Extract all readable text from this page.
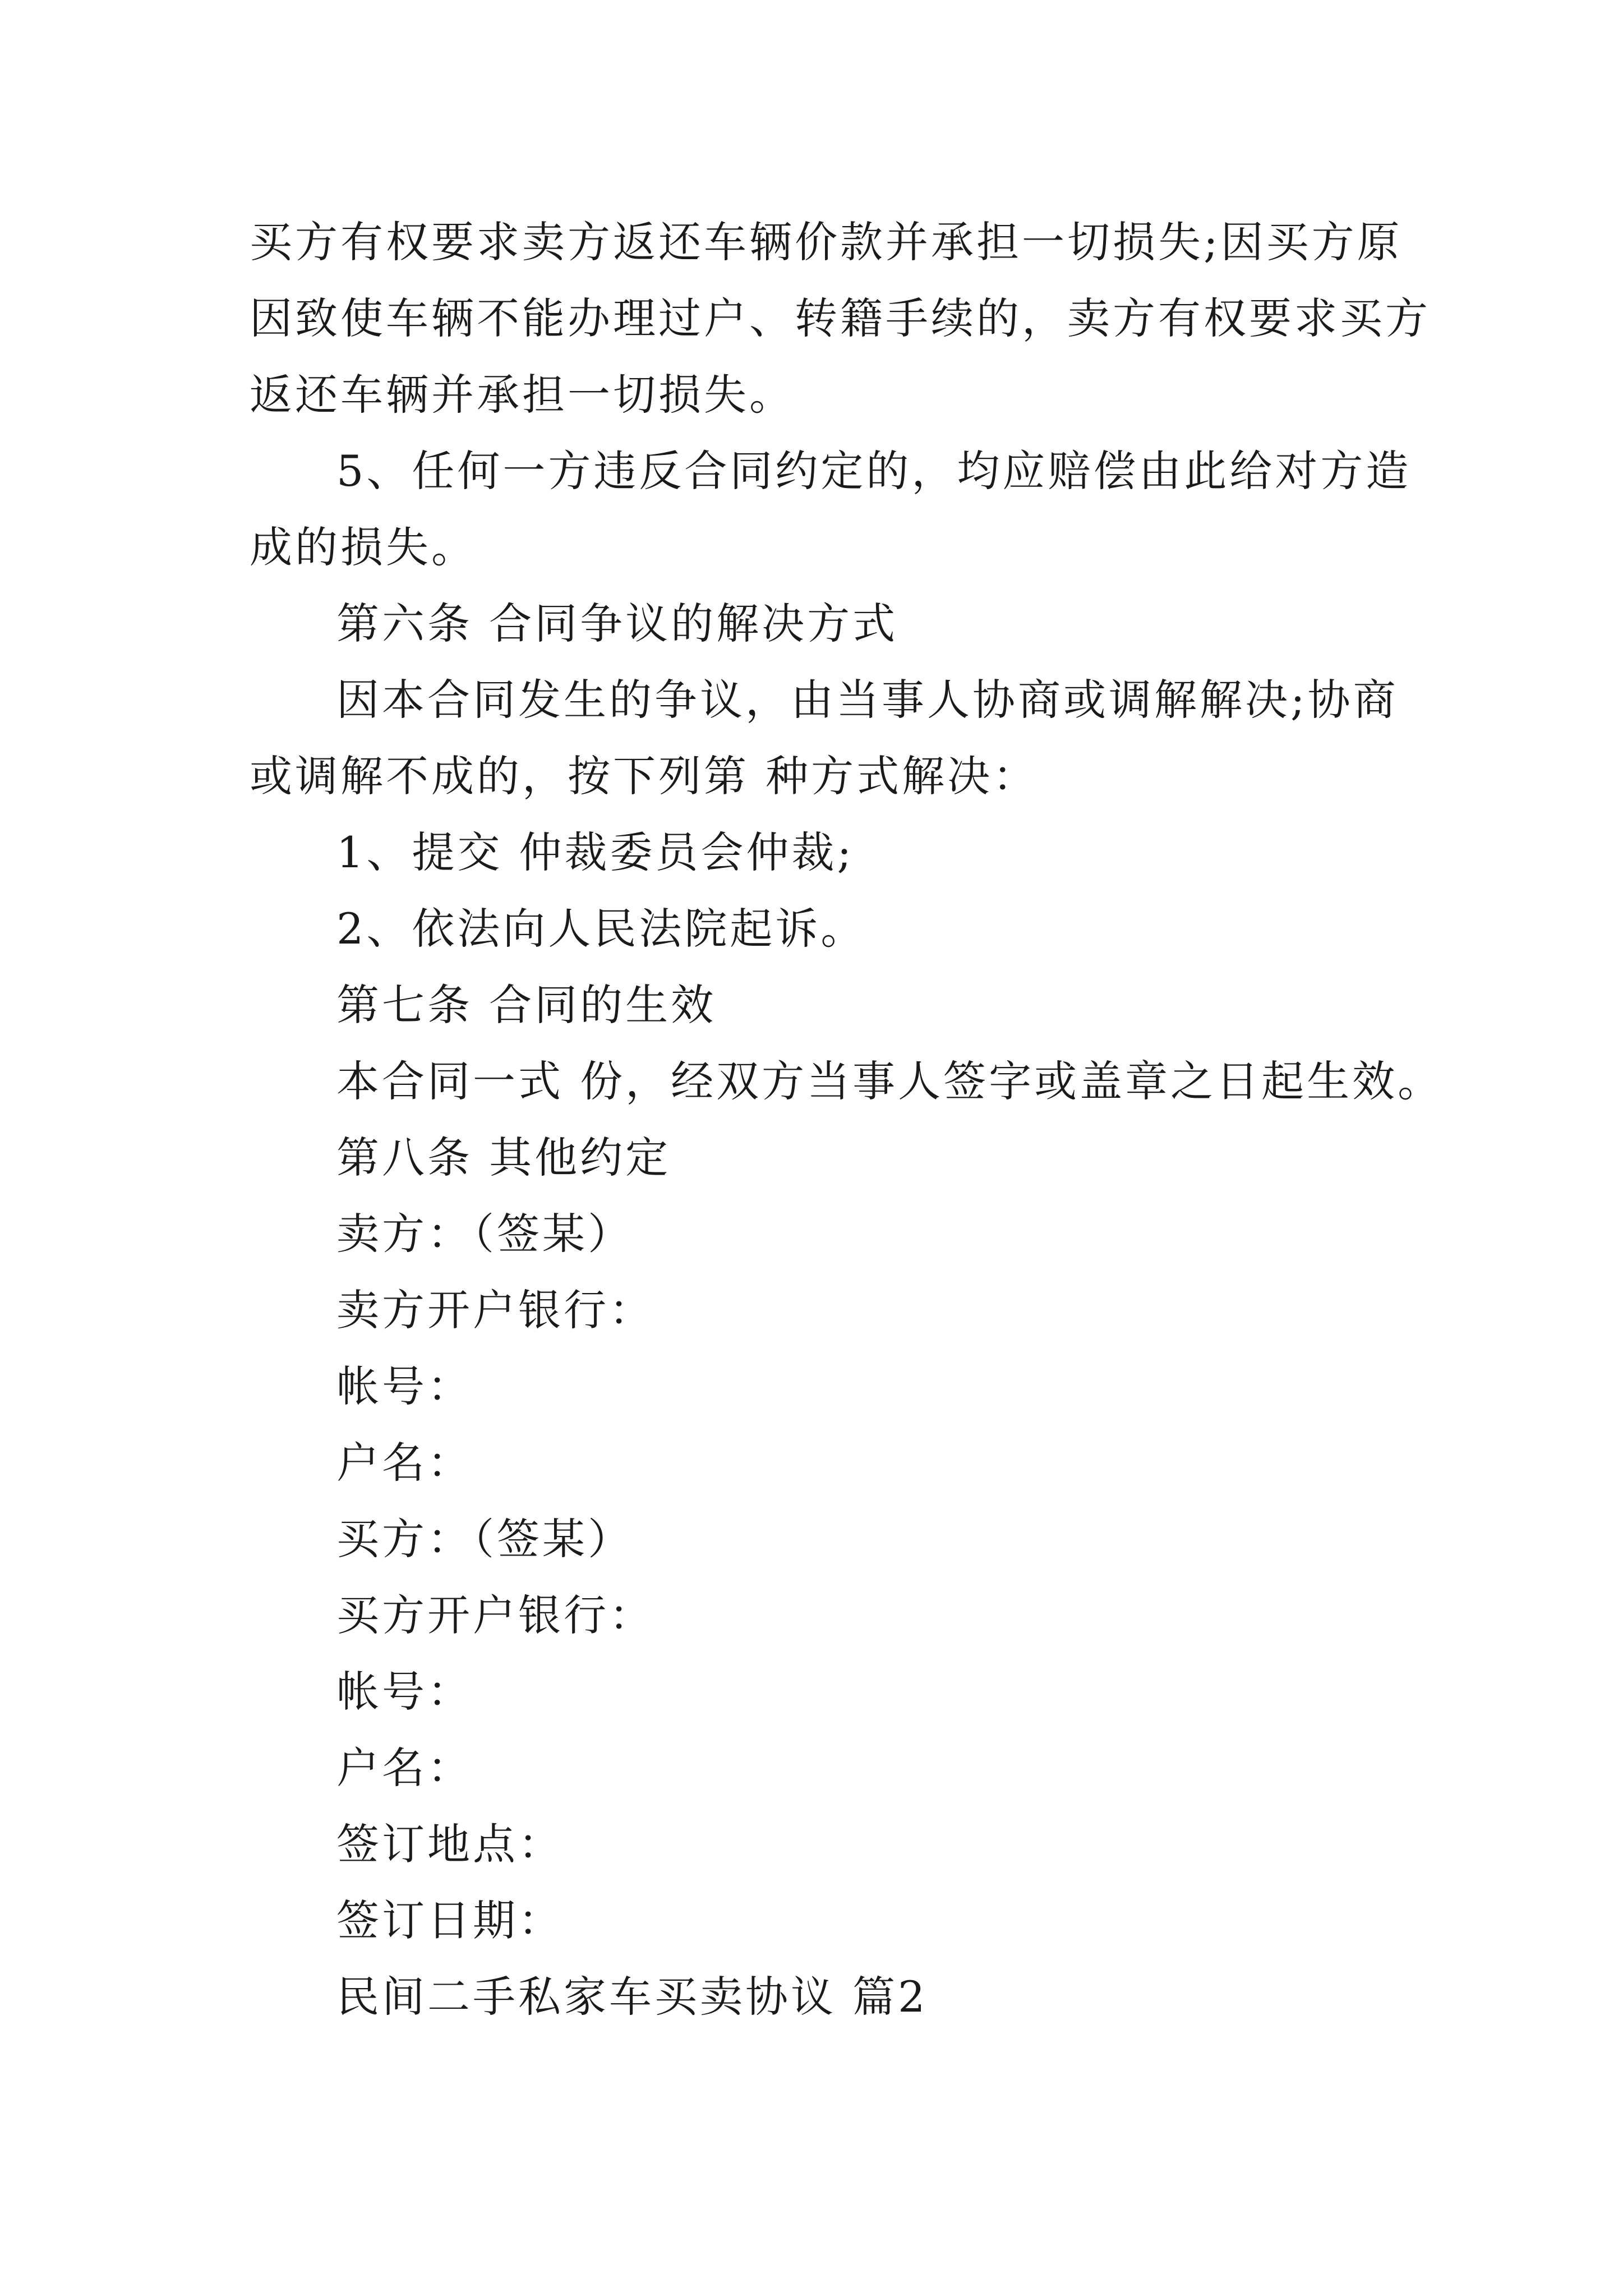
买方有权要求卖方返还车辆价款并承担一切损失;因买方原
因致使车辆不能办理过户、转籍手续的，卖方有权要求买方
返还车辆并承担一切损失。
5、任何一方违反合同约定的，均应赔偿由此给对方造
成的损失。
第六条 合同争议的解决方式
因本合同发生的争议，由当事人协商或调解解决;协商
或调解不成的，按下列第 种方式解决：
1、提交 仲裁委员会仲裁;
2、依法向人民法院起诉。
第七条 合同的生效
本合同一式 份，经双方当事人签字或盖章之日起生效。
第八条 其他约定
卖方：（签某）
卖方开户银行：
帐号：
户名：
买方：（签某）
买方开户银行：
帐号：
户名：
签订地点：
签订日期：
民间二手私家车买卖协议 篇2
